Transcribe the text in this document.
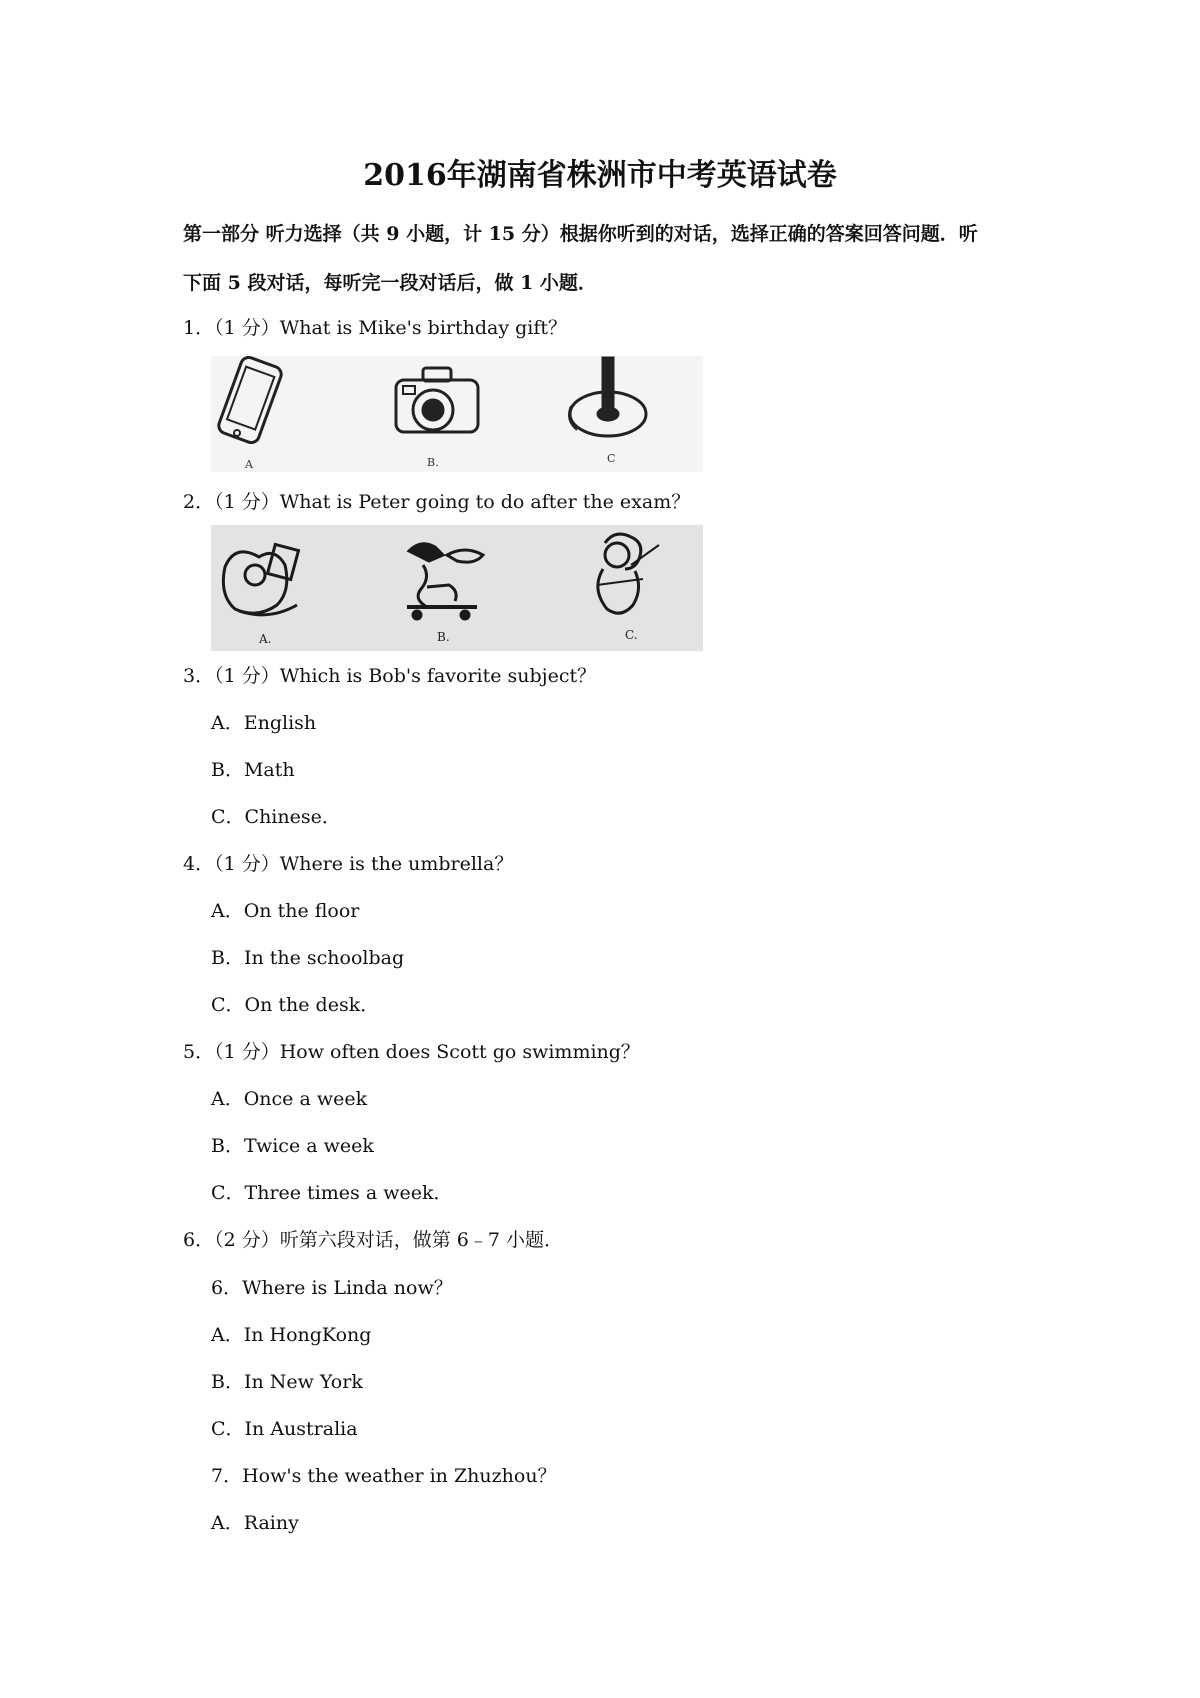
2016年湖南省株洲市中考英语试卷
第一部分 听力选择（共 9 小题，计 15 分）根据你听到的对话，选择正确的答案回答问题．听
下面 5 段对话，每听完一段对话后，做 1 小题．
1．（1 分）What is Mike's birthday gift？
A	B.	C
2．（1 分）What is Peter going to do after the exam？
A.	B.	C.
3．（1 分）Which is Bob's favorite subject？
A．English
B．Math
C．Chinese．
4．（1 分）Where is the umbrella？
A．On the floor
B．In the schoolbag
C．On the desk．
5．（1 分）How often does Scott go swimming？
A．Once a week
B．Twice a week
C．Three times a week．
6．（2 分）听第六段对话，做第 6﹣7 小题．
6．Where is Linda now？
A．In HongKong
B．In New York
C．In Australia
7．How's the weather in Zhuzhou？
A．Rainy
